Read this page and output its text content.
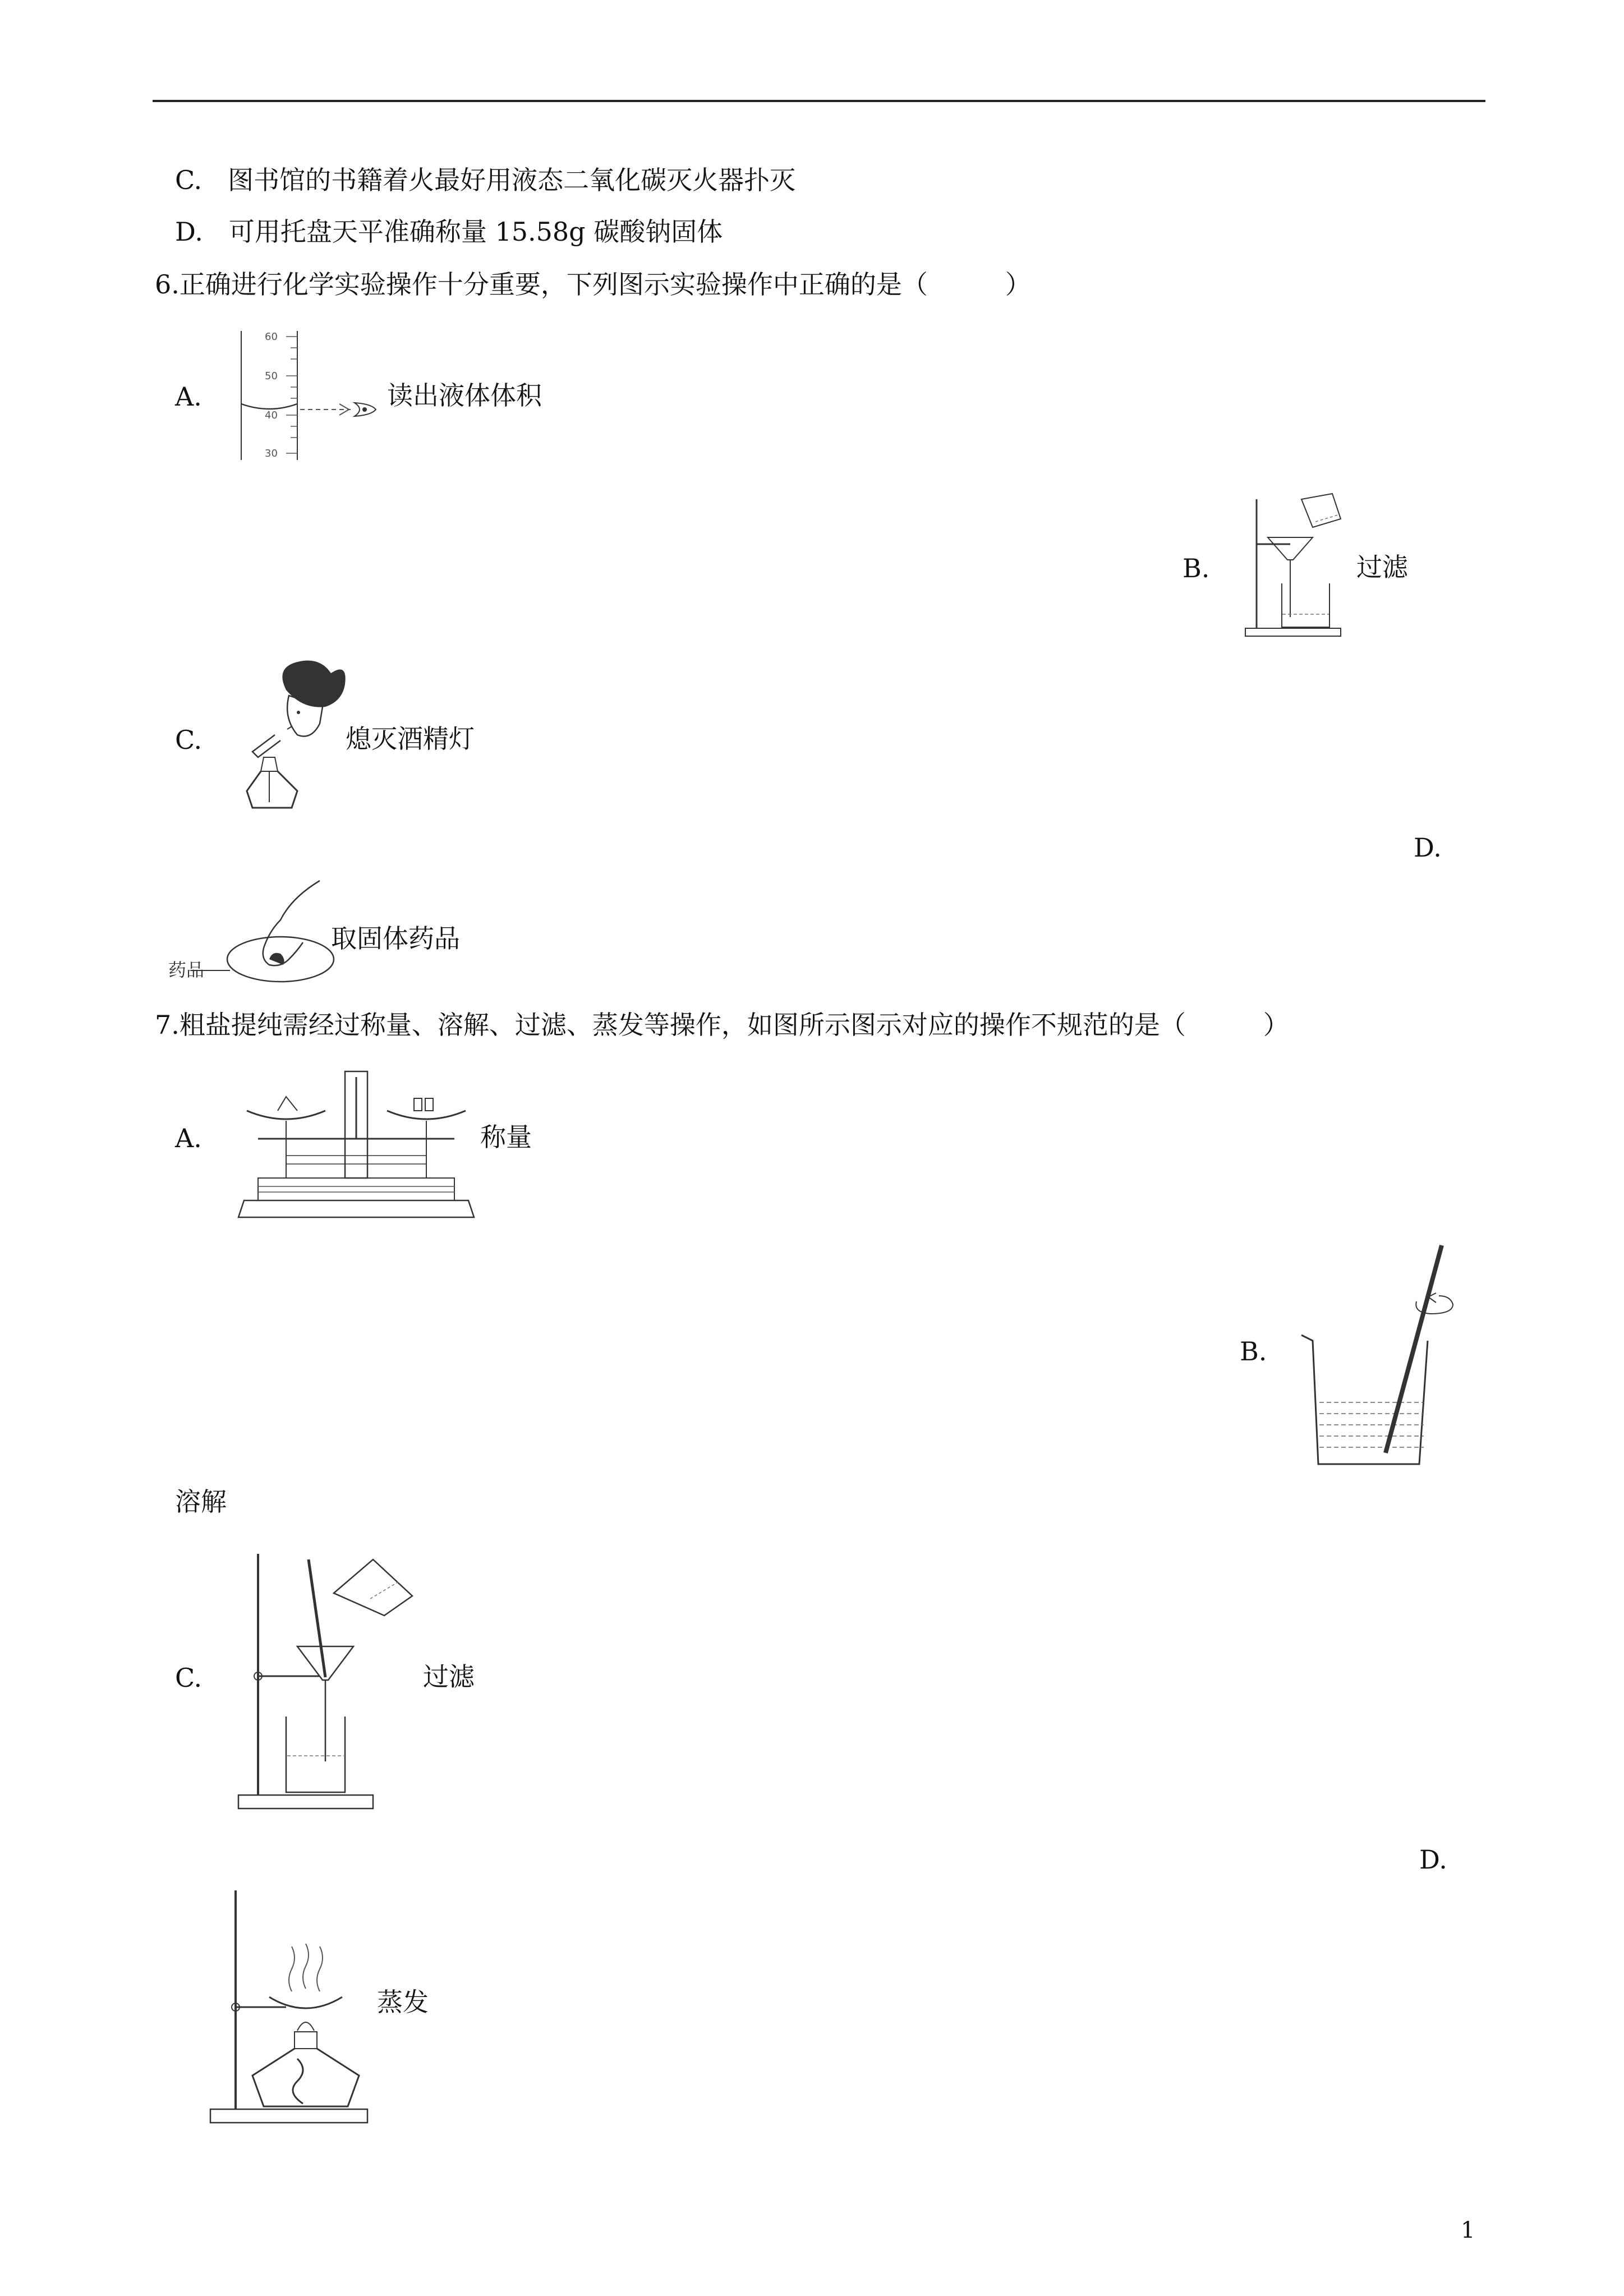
C.　图书馆的书籍着火最好用液态二氧化碳灭火器扑灭
D.　可用托盘天平准确称量 15.58g 碳酸钠固体
6.正确进行化学实验操作十分重要，下列图示实验操作中正确的是（　　　）
A.
60
50
40
30
读出液体体积
B.	过滤
C.	熄灭酒精灯
D.
药品
取固体药品
7.粗盐提纯需经过称量、溶解、过滤、蒸发等操作，如图所示图示对应的操作不规范的是（　　　）
A.	称量
B.
溶解
C.	过滤
D.
蒸发
1
